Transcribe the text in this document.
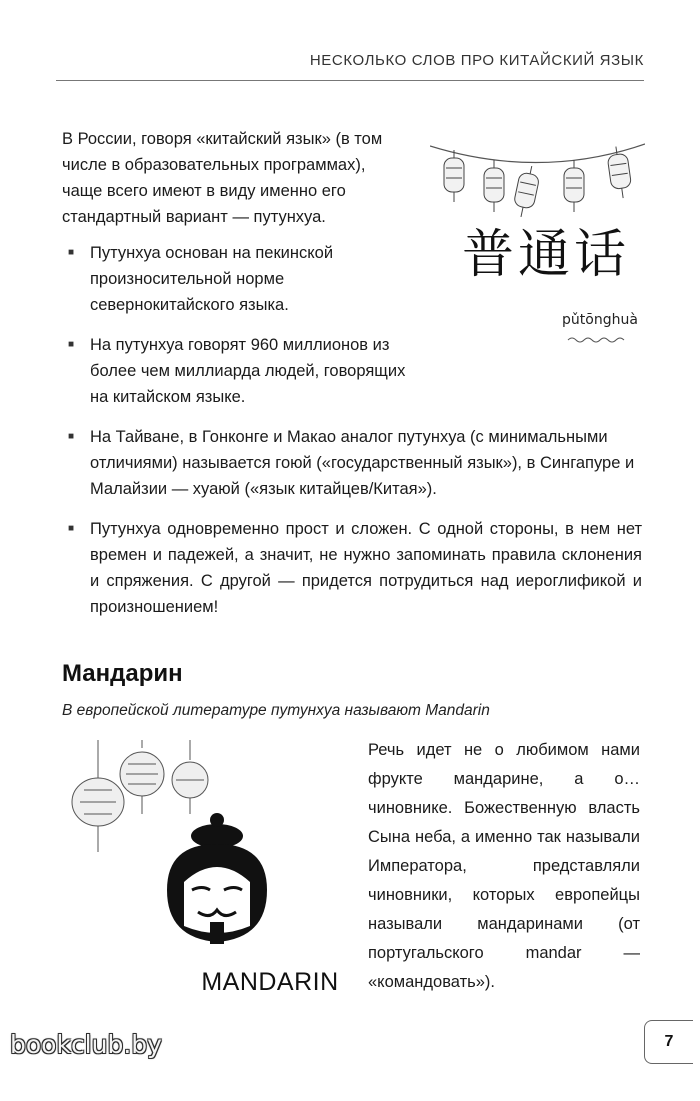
НЕСКОЛЬКО СЛОВ ПРО КИТАЙСКИЙ ЯЗЫК

В России, говоря «китайский язык» (в том числе в образовательных программах), чаще всего имеют в виду именно его стандартный вариант — путунхуа.

普通话
pǔtōnghuà
■ Путунхуа основан на пекинской произносительной норме севернокитайского языка.
■ На путунхуа говорят 960 миллионов из более чем миллиарда людей, говорящих на китайском языке.
■ На Тайване, в Гонконге и Макао аналог путунхуа (с минимальными отличиями) называется гоюй («государственный язык»), в Сингапуре и Малайзии — хуаюй («язык китайцев/Китая»).
■ Путунхуа одновременно прост и сложен. С одной стороны, в нем нет времен и падежей, а значит, не нужно запоминать правила склонения и спряжения. С другой — придется потрудиться над иероглификой и произношением!
Мандарин
В европейской литературе путунхуа называют Mandarin
MANDARIN

Речь идет не о любимом нами фрукте мандарине, а о… чиновнике. Божественную власть Сына неба, а именно так называли Императора, представляли чиновники, которых европейцы называли мандаринами (от португальского mandar — «командовать»).

7
bookclub.by
